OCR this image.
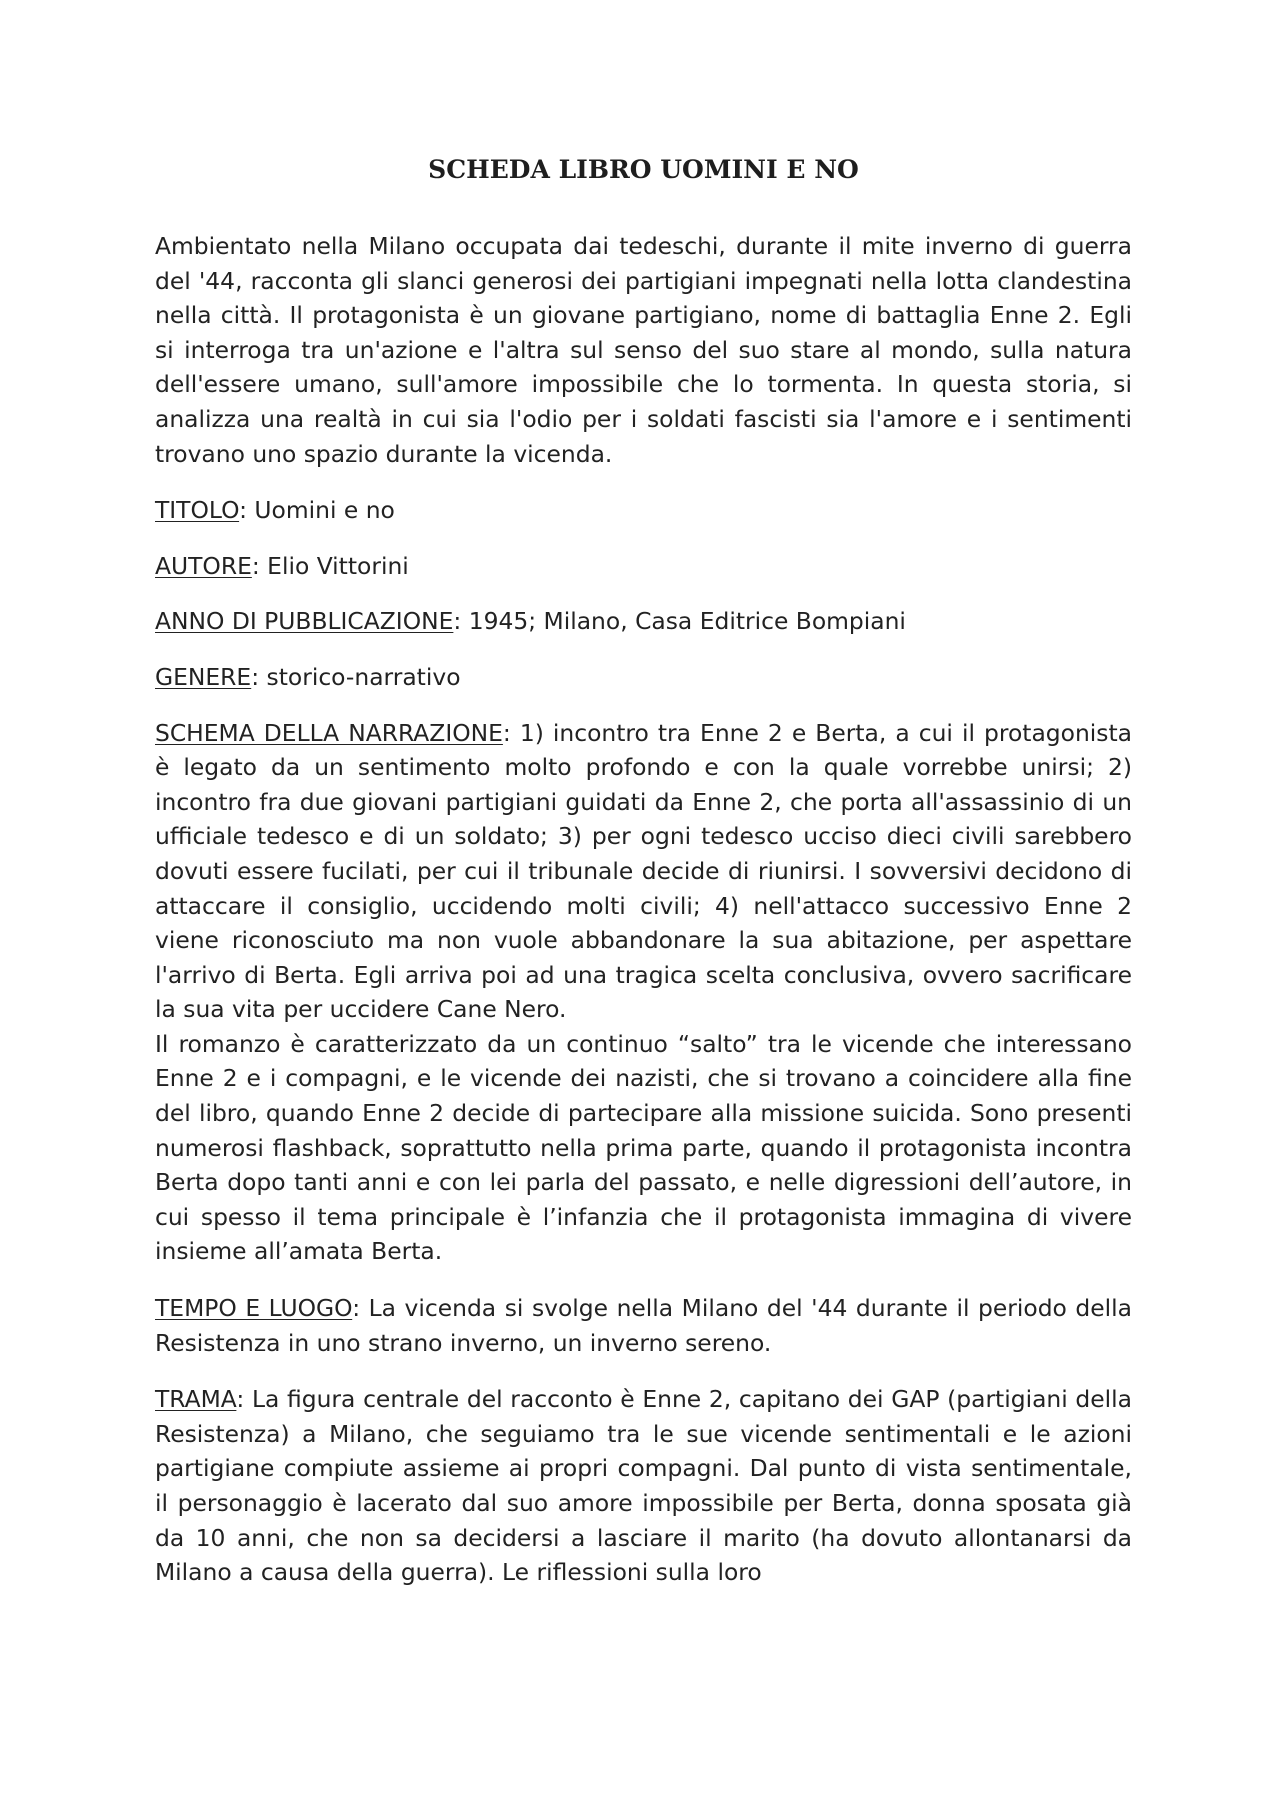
SCHEDA LIBRO UOMINI E NO

Ambientato nella Milano occupata dai tedeschi, durante il mite inverno di guerra del '44, racconta gli slanci generosi dei partigiani impegnati nella lotta clandestina nella città. Il protagonista è un giovane partigiano, nome di battaglia Enne 2. Egli si interroga tra un'azione e l'altra sul senso del suo stare al mondo, sulla natura dell'essere umano, sull'amore impossibile che lo tormenta. In questa storia, si analizza una realtà in cui sia l'odio per i soldati fascisti sia l'amore e i sentimenti trovano uno spazio durante la vicenda.

TITOLO: Uomini e no

AUTORE: Elio Vittorini

ANNO DI PUBBLICAZIONE: 1945; Milano, Casa Editrice Bompiani

GENERE: storico-narrativo

SCHEMA DELLA NARRAZIONE: 1) incontro tra Enne 2 e Berta, a cui il protagonista è legato da un sentimento molto profondo e con la quale vorrebbe unirsi; 2) incontro fra due giovani partigiani guidati da Enne 2, che porta all'assassinio di un ufficiale tedesco e di un soldato; 3) per ogni tedesco ucciso dieci civili sarebbero dovuti essere fucilati, per cui il tribunale decide di riunirsi. I sovversivi decidono di attaccare il consiglio, uccidendo molti civili; 4) nell'attacco successivo Enne 2 viene riconosciuto ma non vuole abbandonare la sua abitazione, per aspettare l'arrivo di Berta. Egli arriva poi ad una tragica scelta conclusiva, ovvero sacrificare la sua vita per uccidere Cane Nero.

Il romanzo è caratterizzato da un continuo “salto” tra le vicende che interessano Enne 2 e i compagni, e le vicende dei nazisti, che si trovano a coincidere alla fine del libro, quando Enne 2 decide di partecipare alla missione suicida. Sono presenti numerosi flashback, soprattutto nella prima parte, quando il protagonista incontra Berta dopo tanti anni e con lei parla del passato, e nelle digressioni dell’autore, in cui spesso il tema principale è l’infanzia che il protagonista immagina di vivere insieme all’amata Berta.

TEMPO E LUOGO: La vicenda si svolge nella Milano del '44 durante il periodo della Resistenza in uno strano inverno, un inverno sereno.

TRAMA: La figura centrale del racconto è Enne 2, capitano dei GAP (partigiani della Resistenza) a Milano, che seguiamo tra le sue vicende sentimentali e le azioni partigiane compiute assieme ai propri compagni. Dal punto di vista sentimentale, il personaggio è lacerato dal suo amore impossibile per Berta, donna sposata già da 10 anni, che non sa decidersi a lasciare il marito (ha dovuto allontanarsi da Milano a causa della guerra). Le riflessioni sulla loro
